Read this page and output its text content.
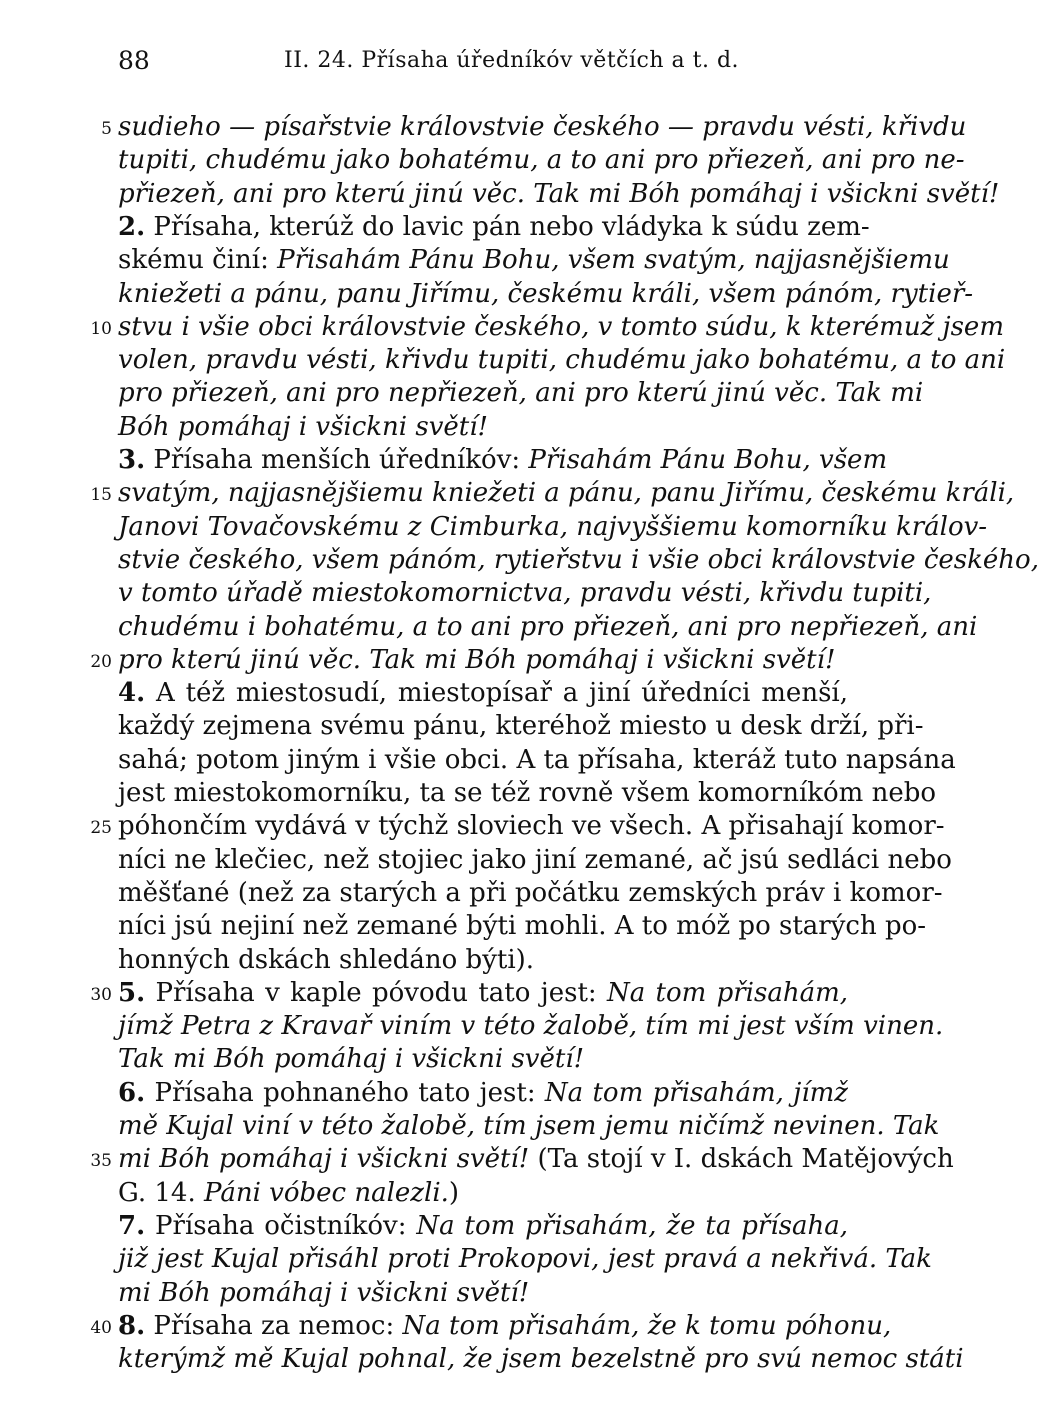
88	II. 24. Přísaha úředníkóv větčích a t. d.
sudieho — písařstvie královstvie českého — pravdu vésti, křivdu
tupiti, chudému jako bohatému, a to ani pro přiezeň, ani pro ne-
přiezeň, ani pro kterú jinú věc. Tak mi Bóh pomáhaj i všickni světí!
2. Přísaha, kterúž do lavic pán nebo vládyka k súdu zem-
skému činí: Přisahám Pánu Bohu, všem svatým, najjasnějšiemu
kniežeti a pánu, panu Jiřímu, českému králi, všem pánóm, rytieř-
stvu i všie obci královstvie českého, v tomto súdu, k kterémuž jsem
volen, pravdu vésti, křivdu tupiti, chudému jako bohatému, a to ani
pro přiezeň, ani pro nepřiezeň, ani pro kterú jinú věc. Tak mi
Bóh pomáhaj i všickni světí!
3. Přísaha menších úředníkóv: Přisahám Pánu Bohu, všem
svatým, najjasnějšiemu kniežeti a pánu, panu Jiřímu, českému králi,
Janovi Tovačovskému z Cimburka, najvyššiemu komorníku králov-
stvie českého, všem pánóm, rytieřstvu i všie obci královstvie českého,
v tomto úřadě miestokomornictva, pravdu vésti, křivdu tupiti,
chudému i bohatému, a to ani pro přiezeň, ani pro nepřiezeň, ani
pro kterú jinú věc. Tak mi Bóh pomáhaj i všickni světí!
4. A též miestosudí, miestopísař a jiní úředníci menší,
každý zejmena svému pánu, kteréhož miesto u desk drží, při-
sahá; potom jiným i všie obci. A ta přísaha, kteráž tuto napsána
jest miestokomorníku, ta se též rovně všem komorníkóm nebo
póhončím vydává v týchž sloviech ve všech. A přisahají komor-
níci ne klečiec, než stojiec jako jiní zemané, ač jsú sedláci nebo
měšťané (než za starých a při počátku zemských práv i komor-
níci jsú nejiní než zemané býti mohli. A to móž po starých po-
honných dskách shledáno býti).
5. Přísaha v kaple póvodu tato jest: Na tom přisahám,
jímž Petra z Kravař viním v této žalobě, tím mi jest vším vinen.
Tak mi Bóh pomáhaj i všickni světí!
6. Přísaha pohnaného tato jest: Na tom přisahám, jímž
mě Kujal viní v této žalobě, tím jsem jemu ničímž nevinen. Tak
mi Bóh pomáhaj i všickni světí! (Ta stojí v I. dskách Matějových
G. 14. Páni vóbec nalezli.)
7. Přísaha očistníkóv: Na tom přisahám, že ta přísaha,
již jest Kujal přisáhl proti Prokopovi, jest pravá a nekřivá. Tak
mi Bóh pomáhaj i všickni světí!
8. Přísaha za nemoc: Na tom přisahám, že k tomu póhonu,
kterýmž mě Kujal pohnal, že jsem bezelstně pro svú nemoc státi
5
10
15
20
25
30
35
40
